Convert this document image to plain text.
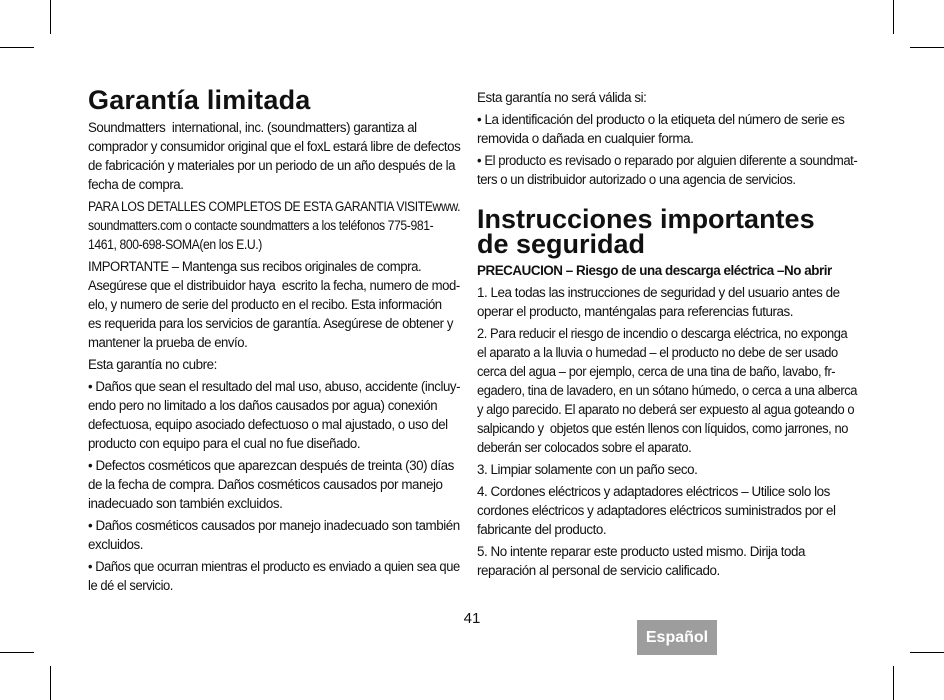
Garantía limitada

Soundmatters  international, inc. (soundmatters) garantiza al
comprador y consumidor original que el foxL estará libre de defectos
de fabricación y materiales por un periodo de un año después de la
fecha de compra.

PARA LOS DETALLES COMPLETOS DE ESTA GARANTIA VISITEwww.
soundmatters.com o contacte soundmatters a los teléfonos 775-981-
1461, 800-698-SOMA(en los E.U.)

IMPORTANTE – Mantenga sus recibos originales de compra.
Asegúrese que el distribuidor haya  escrito la fecha, numero de mod-
elo, y numero de serie del producto en el recibo. Esta información
es requerida para los servicios de garantía. Asegúrese de obtener y
mantener la prueba de envío.

Esta garantía no cubre:

• Daños que sean el resultado del mal uso, abuso, accidente (incluy-
endo pero no limitado a los daños causados por agua) conexión
defectuosa, equipo asociado defectuoso o mal ajustado, o uso del
producto con equipo para el cual no fue diseñado.

• Defectos cosméticos que aparezcan después de treinta (30) días
de la fecha de compra. Daños cosméticos causados por manejo
inadecuado son también excluidos.

• Daños cosméticos causados por manejo inadecuado son también
excluidos.

• Daños que ocurran mientras el producto es enviado a quien sea que
le dé el servicio.

Esta garantía no será válida si:

• La identificación del producto o la etiqueta del número de serie es
removida o dañada en cualquier forma.

• El producto es revisado o reparado por alguien diferente a soundmat-
ters o un distribuidor autorizado o una agencia de servicios.

Instrucciones importantes
de seguridad

PRECAUCION – Riesgo de una descarga eléctrica –No abrir

1. Lea todas las instrucciones de seguridad y del usuario antes de
operar el producto, manténgalas para referencias futuras.

2. Para reducir el riesgo de incendio o descarga eléctrica, no exponga
el aparato a la lluvia o humedad – el producto no debe de ser usado
cerca del agua – por ejemplo, cerca de una tina de baño, lavabo, fr-
egadero, tina de lavadero, en un sótano húmedo, o cerca a una alberca
y algo parecido. El aparato no deberá ser expuesto al agua goteando o
salpicando y  objetos que estén llenos con líquidos, como jarrones, no
deberán ser colocados sobre el aparato.

3. Limpiar solamente con un paño seco.

4. Cordones eléctricos y adaptadores eléctricos – Utilice solo los
cordones eléctricos y adaptadores eléctricos suministrados por el
fabricante del producto.

5. No intente reparar este producto usted mismo. Dirija toda
reparación al personal de servicio calificado.

41
Español
